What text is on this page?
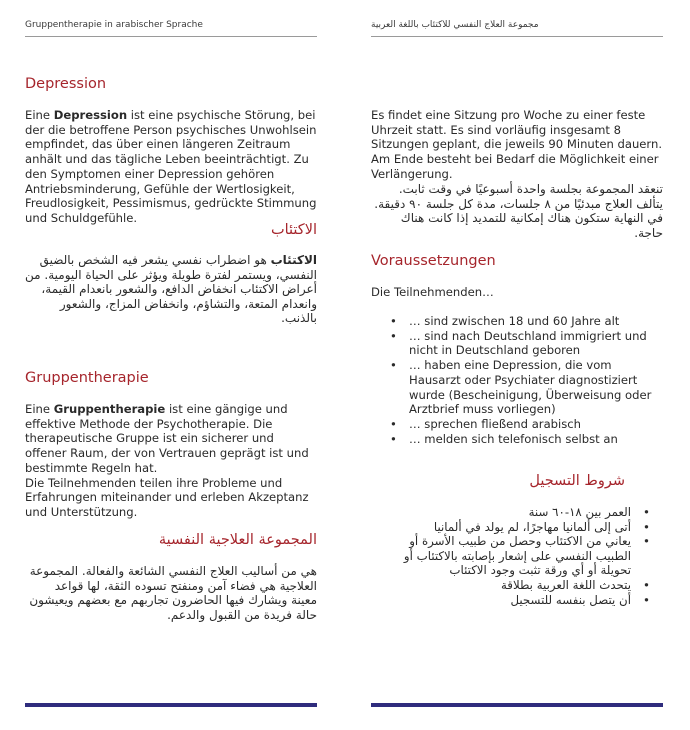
Gruppentherapie in arabischer Sprache
Depression

Eine Depression ist eine psychische Störung, bei der die betroffene Person psychisches Unwohlsein empfindet, das über einen längeren Zeitraum anhält und das tägliche Leben beeinträchtigt. Zu den Symptomen einer Depression gehören Antriebsminderung, Gefühle der Wertlosigkeit, Freudlosigkeit, Pessimismus, gedrückte Stimmung und Schuldgefühle.

الاكتئاب

الاكتئاب هو اضطراب نفسي يشعر فيه الشخص بالضيق النفسي، ويستمر لفترة طويلة ويؤثر على الحياة اليومية. من أعراض الاكتئاب انخفاض الدافع، والشعور بانعدام القيمة، وانعدام المتعة، والتشاؤم، وانخفاض المزاج، والشعور بالذنب.

Gruppentherapie

Eine Gruppentherapie ist eine gängige und effektive Methode der Psychotherapie. Die therapeutische Gruppe ist ein sicherer und offener Raum, der von Vertrauen geprägt ist und bestimmte Regeln hat.
Die Teilnehmenden teilen ihre Probleme und Erfahrungen miteinander und erleben Akzeptanz und Unterstützung.

المجموعة العلاجية النفسية

هي من أساليب العلاج النفسي الشائعة والفعالة. المجموعة العلاجية هي فضاء آمن ومنفتح تسوده الثقة، لها قواعد معينة ويشارك فيها الحاضرون تجاربهم مع بعضهم ويعيشون حالة فريدة من القبول والدعم.

مجموعة العلاج النفسي للاكتئاب باللغة العربية

Es findet eine Sitzung pro Woche zu einer feste Uhrzeit statt. Es sind vorläufig insgesamt 8 Sitzungen geplant, die jeweils 90 Minuten dauern. Am Ende besteht bei Bedarf die Möglichkeit einer Verlängerung.

تنعقد المجموعة بجلسة واحدة أسبوعيًا في وقت ثابت. يتألف العلاج مبدئيًا من ٨ جلسات، مدة كل جلسة ٩٠ دقيقة. في النهاية ستكون هناك إمكانية للتمديد إذا كانت هناك حاجة.

Voraussetzungen

Die Teilnehmenden…

• … sind zwischen 18 und 60 Jahre alt
• … sind nach Deutschland immigriert und nicht in Deutschland geboren
• … haben eine Depression, die vom Hausarzt oder Psychiater diagnostiziert wurde (Bescheinigung, Überweisung oder Arztbrief muss vorliegen)
• … sprechen fließend arabisch
• … melden sich telefonisch selbst an
شروط التسجيل
العمر بين ١٨-٦٠ سنة •
أتى إلى ألمانيا مهاجرًا، لم يولد في ألمانيا •
يعاني من الاكتئاب وحصل من طبيب الأسرة أو الطبيب النفسي على إشعار بإصابته بالاكتئاب أو تحويلة أو أي ورقة تثبت وجود الاكتئاب •
يتحدث اللغة العربية بطلاقة •
أن يتصل بنفسه للتسجيل •
